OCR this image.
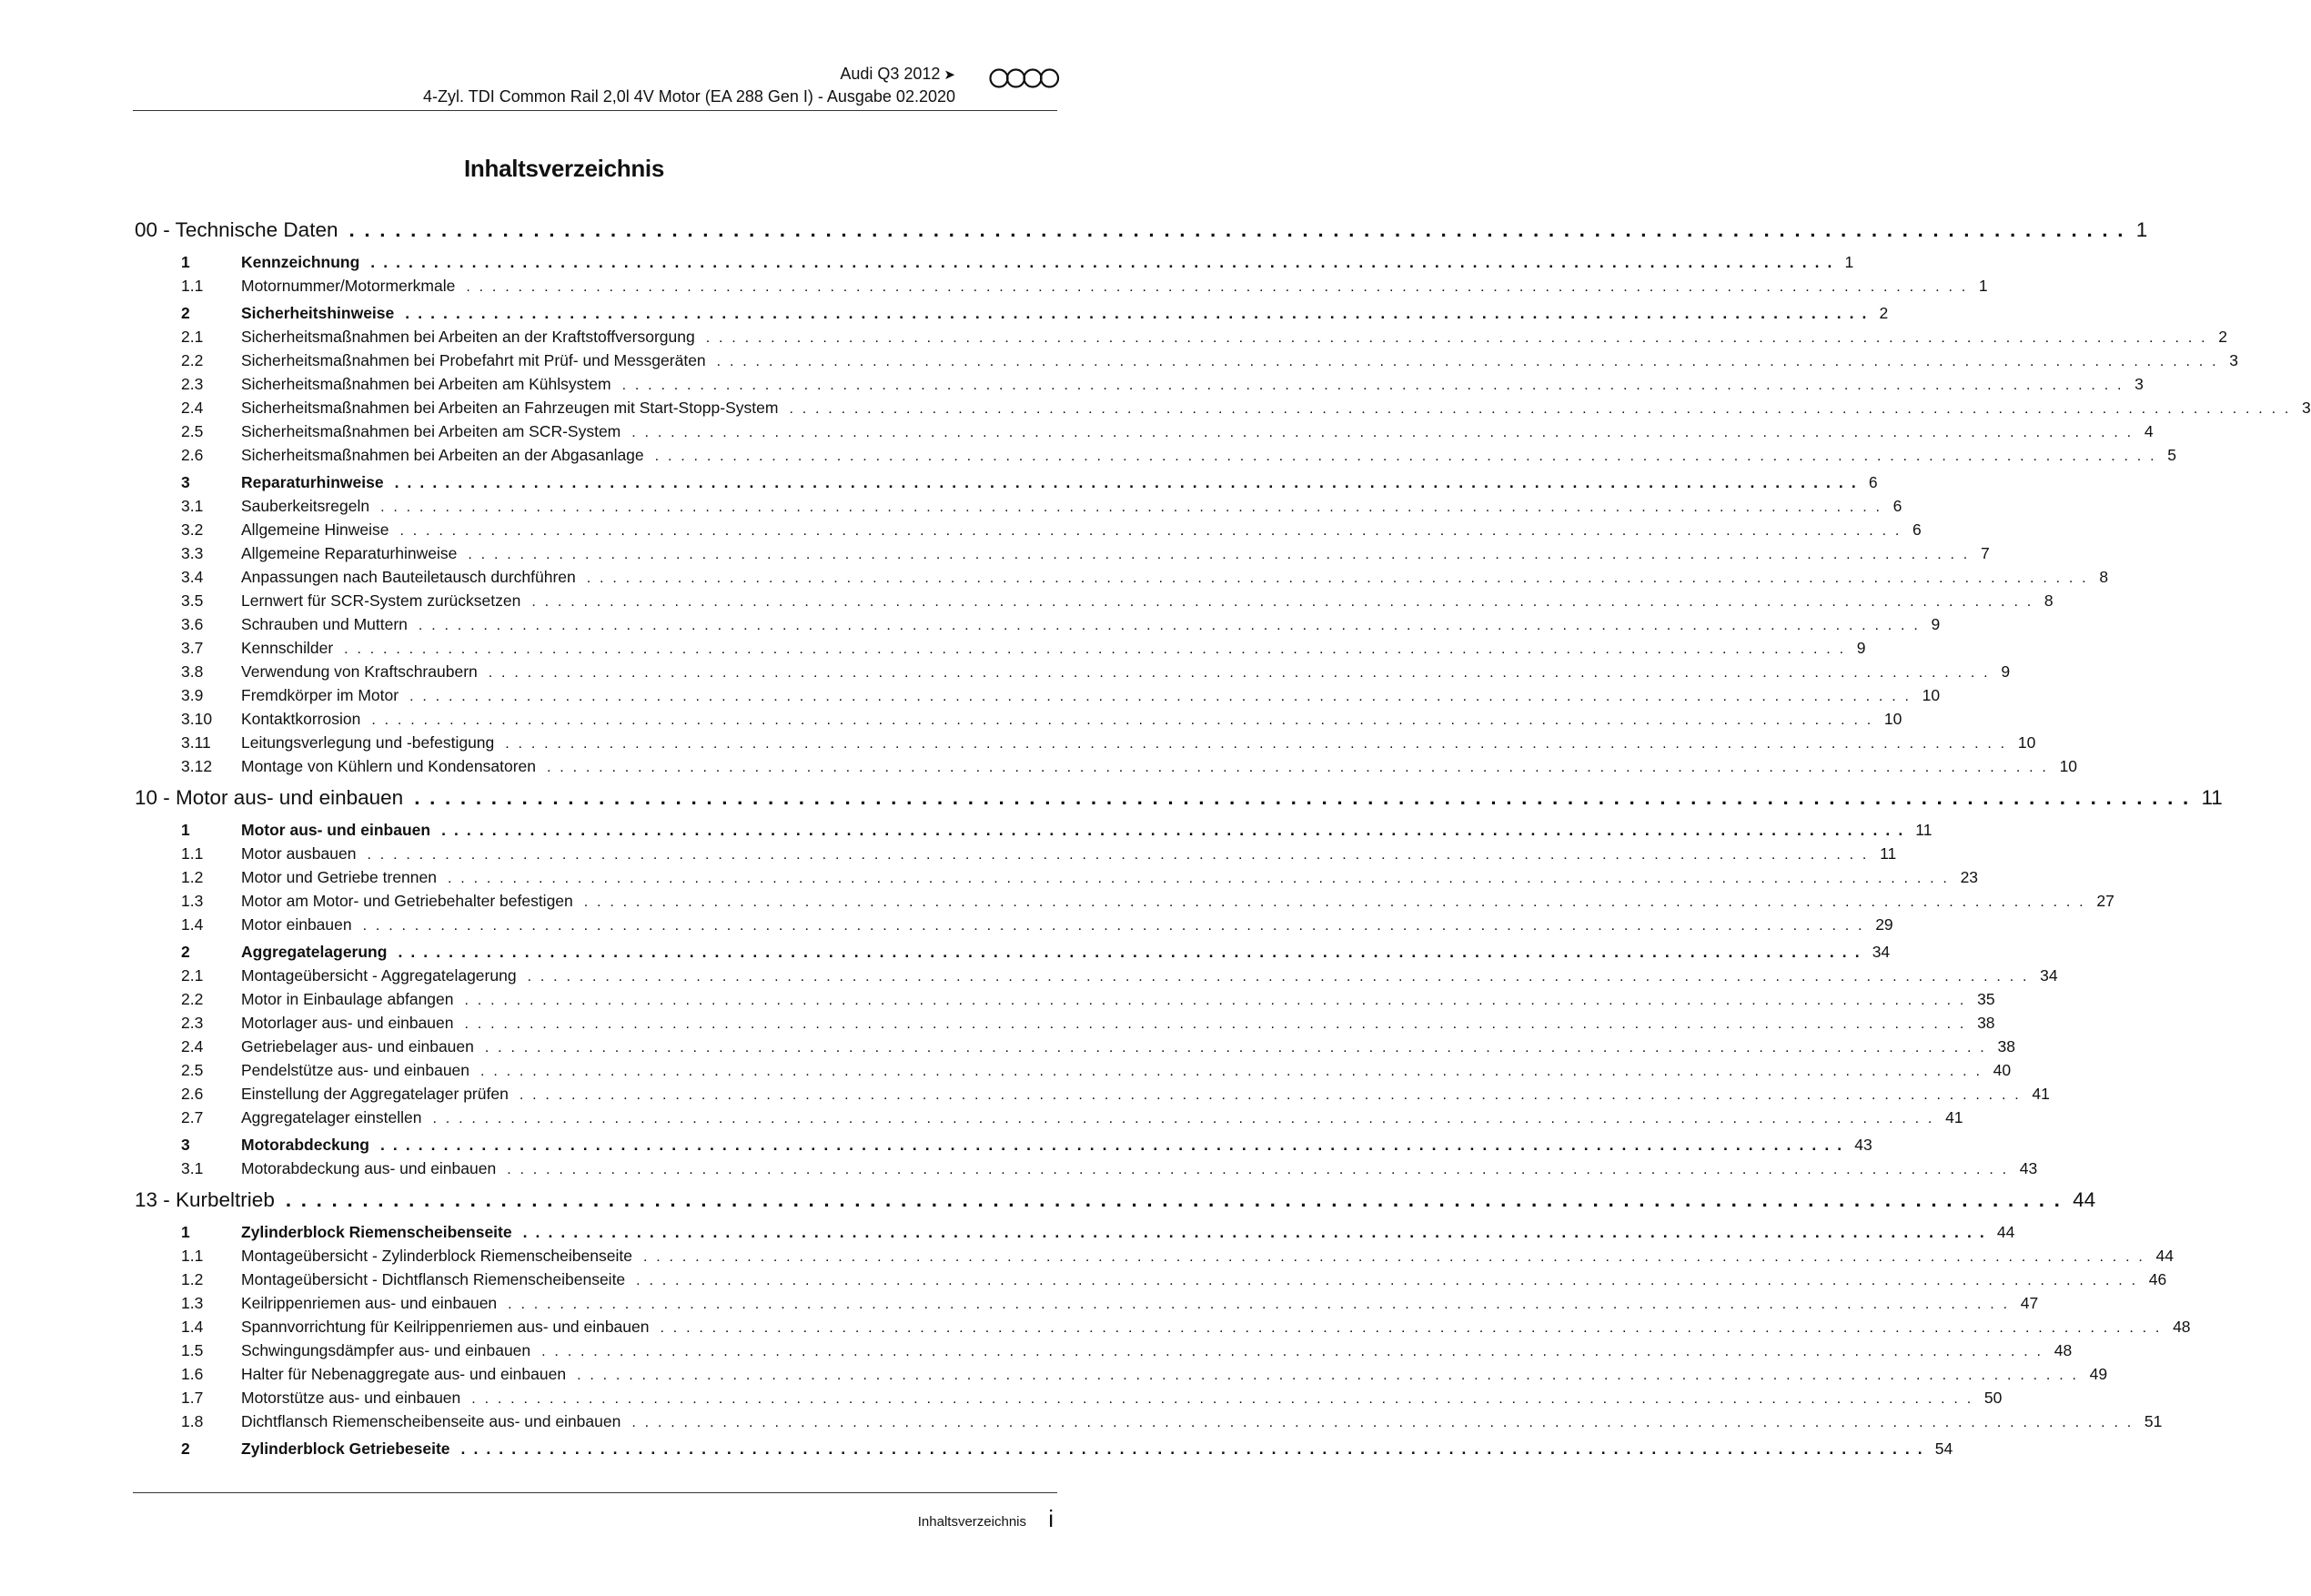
Audi Q3 2012 ➤
4-Zyl. TDI Common Rail 2,0l 4V Motor (EA 288 Gen I) - Ausgabe 02.2020
Inhaltsverzeichnis
00 - Technische Daten . . . . . . . . . . . . . . . . . . . . . . . . . . . . . . . . . . . . . . . . . . . . . . . . . . . . . . . . . . . . . . . . . . . . . . . . . . . . . . . . . . . . . . . . . . . . . . . . . . . . . . . . . . . . . . . . . . . . 1
1	Kennzeichnung . . . . . . . . . . . . . . . . . . . . . . . . . . . . . . . . . . . . . . . . . . . . . . . . . . . . . . . . . . . . . . . . . . . . . . . . . . . . . . . . . . . . . . . . . . . . . . . . . . . . . . . . . . . . . . . . . . . . 1
1.1	Motornummer/Motormerkmale . . . . . . . . . . . . . . . . . . . . . . . . . . . . . . . . . . . . . . . . . . . . . . . . . . . . . . . . . . . . . . . . . . . . . . . . . . . . . . . . . . . . . . . . . . . . . . . . . . . . . . . . . . . . . . . . . . . . 1
2	Sicherheitshinweise . . . . . . . . . . . . . . . . . . . . . . . . . . . . . . . . . . . . . . . . . . . . . . . . . . . . . . . . . . . . . . . . . . . . . . . . . . . . . . . . . . . . . . . . . . . . . . . . . . . . . . . . . . . . . . . . . . . . 2
2.1	Sicherheitsmaßnahmen bei Arbeiten an der Kraftstoffversorgung . . . . . . . . . . . . . . . . . . . . . . . . . . . . . . . . . . . . . . . . . . . . . . . . . . . . . . . . . . . . . . . . . . . . . . . . . . . . . . . . . . . . . . . . . . . . . . . . . . . . . . . . . . . . . . . . . . . . 2
2.2	Sicherheitsmaßnahmen bei Probefahrt mit Prüf- und Messgeräten . . . . . . . . . . . . . . . . . . . . . . . . . . . . . . . . . . . . . . . . . . . . . . . . . . . . . . . . . . . . . . . . . . . . . . . . . . . . . . . . . . . . . . . . . . . . . . . . . . . . . . . . . . . . . . . . . . . . 3
2.3	Sicherheitsmaßnahmen bei Arbeiten am Kühlsystem . . . . . . . . . . . . . . . . . . . . . . . . . . . . . . . . . . . . . . . . . . . . . . . . . . . . . . . . . . . . . . . . . . . . . . . . . . . . . . . . . . . . . . . . . . . . . . . . . . . . . . . . . . . . . . . . . . . . 3
2.4	Sicherheitsmaßnahmen bei Arbeiten an Fahrzeugen mit Start-Stopp-System . . . . . . . . . . . . . . . . . . . . . . . . . . . . . . . . . . . . . . . . . . . . . . . . . . . . . . . . . . . . . . . . . . . . . . . . . . . . . . . . . . . . . . . . . . . . . . . . . . . . . . . . . . . . . . . . . . . . 3
2.5	Sicherheitsmaßnahmen bei Arbeiten am SCR-System . . . . . . . . . . . . . . . . . . . . . . . . . . . . . . . . . . . . . . . . . . . . . . . . . . . . . . . . . . . . . . . . . . . . . . . . . . . . . . . . . . . . . . . . . . . . . . . . . . . . . . . . . . . . . . . . . . . . 4
2.6	Sicherheitsmaßnahmen bei Arbeiten an der Abgasanlage . . . . . . . . . . . . . . . . . . . . . . . . . . . . . . . . . . . . . . . . . . . . . . . . . . . . . . . . . . . . . . . . . . . . . . . . . . . . . . . . . . . . . . . . . . . . . . . . . . . . . . . . . . . . . . . . . . . . 5
3	Reparaturhinweise . . . . . . . . . . . . . . . . . . . . . . . . . . . . . . . . . . . . . . . . . . . . . . . . . . . . . . . . . . . . . . . . . . . . . . . . . . . . . . . . . . . . . . . . . . . . . . . . . . . . . . . . . . . . . . . . . . . . 6
3.1	Sauberkeitsregeln . . . . . . . . . . . . . . . . . . . . . . . . . . . . . . . . . . . . . . . . . . . . . . . . . . . . . . . . . . . . . . . . . . . . . . . . . . . . . . . . . . . . . . . . . . . . . . . . . . . . . . . . . . . . . . . . . . . . 6
3.2	Allgemeine Hinweise . . . . . . . . . . . . . . . . . . . . . . . . . . . . . . . . . . . . . . . . . . . . . . . . . . . . . . . . . . . . . . . . . . . . . . . . . . . . . . . . . . . . . . . . . . . . . . . . . . . . . . . . . . . . . . . . . . . . 6
3.3	Allgemeine Reparaturhinweise . . . . . . . . . . . . . . . . . . . . . . . . . . . . . . . . . . . . . . . . . . . . . . . . . . . . . . . . . . . . . . . . . . . . . . . . . . . . . . . . . . . . . . . . . . . . . . . . . . . . . . . . . . . . . . . . . . . . 7
3.4	Anpassungen nach Bauteiletausch durchführen . . . . . . . . . . . . . . . . . . . . . . . . . . . . . . . . . . . . . . . . . . . . . . . . . . . . . . . . . . . . . . . . . . . . . . . . . . . . . . . . . . . . . . . . . . . . . . . . . . . . . . . . . . . . . . . . . . . . 8
3.5	Lernwert für SCR-System zurücksetzen . . . . . . . . . . . . . . . . . . . . . . . . . . . . . . . . . . . . . . . . . . . . . . . . . . . . . . . . . . . . . . . . . . . . . . . . . . . . . . . . . . . . . . . . . . . . . . . . . . . . . . . . . . . . . . . . . . . . 8
3.6	Schrauben und Muttern . . . . . . . . . . . . . . . . . . . . . . . . . . . . . . . . . . . . . . . . . . . . . . . . . . . . . . . . . . . . . . . . . . . . . . . . . . . . . . . . . . . . . . . . . . . . . . . . . . . . . . . . . . . . . . . . . . . . 9
3.7	Kennschilder . . . . . . . . . . . . . . . . . . . . . . . . . . . . . . . . . . . . . . . . . . . . . . . . . . . . . . . . . . . . . . . . . . . . . . . . . . . . . . . . . . . . . . . . . . . . . . . . . . . . . . . . . . . . . . . . . . . . 9
3.8	Verwendung von Kraftschraubern . . . . . . . . . . . . . . . . . . . . . . . . . . . . . . . . . . . . . . . . . . . . . . . . . . . . . . . . . . . . . . . . . . . . . . . . . . . . . . . . . . . . . . . . . . . . . . . . . . . . . . . . . . . . . . . . . . . . 9
3.9	Fremdkörper im Motor . . . . . . . . . . . . . . . . . . . . . . . . . . . . . . . . . . . . . . . . . . . . . . . . . . . . . . . . . . . . . . . . . . . . . . . . . . . . . . . . . . . . . . . . . . . . . . . . . . . . . . . . . . . . . . . . . . . . 10
3.10	Kontaktkorrosion . . . . . . . . . . . . . . . . . . . . . . . . . . . . . . . . . . . . . . . . . . . . . . . . . . . . . . . . . . . . . . . . . . . . . . . . . . . . . . . . . . . . . . . . . . . . . . . . . . . . . . . . . . . . . . . . . . . . 10
3.11	Leitungsverlegung und -befestigung . . . . . . . . . . . . . . . . . . . . . . . . . . . . . . . . . . . . . . . . . . . . . . . . . . . . . . . . . . . . . . . . . . . . . . . . . . . . . . . . . . . . . . . . . . . . . . . . . . . . . . . . . . . . . . . . . . . . 10
3.12	Montage von Kühlern und Kondensatoren . . . . . . . . . . . . . . . . . . . . . . . . . . . . . . . . . . . . . . . . . . . . . . . . . . . . . . . . . . . . . . . . . . . . . . . . . . . . . . . . . . . . . . . . . . . . . . . . . . . . . . . . . . . . . . . . . . . . 10
10 - Motor aus- und einbauen . . . . . . . . . . . . . . . . . . . . . . . . . . . . . . . . . . . . . . . . . . . . . . . . . . . . . . . . . . . . . . . . . . . . . . . . . . . . . . . . . . . . . . . . . . . . . . . . . . . . . . . . . . . . . . . . . . . . 11
1	Motor aus- und einbauen . . . . . . . . . . . . . . . . . . . . . . . . . . . . . . . . . . . . . . . . . . . . . . . . . . . . . . . . . . . . . . . . . . . . . . . . . . . . . . . . . . . . . . . . . . . . . . . . . . . . . . . . . . . . . . . . . . . . 11
1.1	Motor ausbauen . . . . . . . . . . . . . . . . . . . . . . . . . . . . . . . . . . . . . . . . . . . . . . . . . . . . . . . . . . . . . . . . . . . . . . . . . . . . . . . . . . . . . . . . . . . . . . . . . . . . . . . . . . . . . . . . . . . . 11
1.2	Motor und Getriebe trennen . . . . . . . . . . . . . . . . . . . . . . . . . . . . . . . . . . . . . . . . . . . . . . . . . . . . . . . . . . . . . . . . . . . . . . . . . . . . . . . . . . . . . . . . . . . . . . . . . . . . . . . . . . . . . . . . . . . . 23
1.3	Motor am Motor- und Getriebehalter befestigen . . . . . . . . . . . . . . . . . . . . . . . . . . . . . . . . . . . . . . . . . . . . . . . . . . . . . . . . . . . . . . . . . . . . . . . . . . . . . . . . . . . . . . . . . . . . . . . . . . . . . . . . . . . . . . . . . . . . 27
1.4	Motor einbauen . . . . . . . . . . . . . . . . . . . . . . . . . . . . . . . . . . . . . . . . . . . . . . . . . . . . . . . . . . . . . . . . . . . . . . . . . . . . . . . . . . . . . . . . . . . . . . . . . . . . . . . . . . . . . . . . . . . . 29
2	Aggregatelagerung . . . . . . . . . . . . . . . . . . . . . . . . . . . . . . . . . . . . . . . . . . . . . . . . . . . . . . . . . . . . . . . . . . . . . . . . . . . . . . . . . . . . . . . . . . . . . . . . . . . . . . . . . . . . . . . . . . . . 34
2.1	Montageübersicht - Aggregatelagerung . . . . . . . . . . . . . . . . . . . . . . . . . . . . . . . . . . . . . . . . . . . . . . . . . . . . . . . . . . . . . . . . . . . . . . . . . . . . . . . . . . . . . . . . . . . . . . . . . . . . . . . . . . . . . . . . . . . . 34
2.2	Motor in Einbaulage abfangen . . . . . . . . . . . . . . . . . . . . . . . . . . . . . . . . . . . . . . . . . . . . . . . . . . . . . . . . . . . . . . . . . . . . . . . . . . . . . . . . . . . . . . . . . . . . . . . . . . . . . . . . . . . . . . . . . . . . 35
2.3	Motorlager aus- und einbauen . . . . . . . . . . . . . . . . . . . . . . . . . . . . . . . . . . . . . . . . . . . . . . . . . . . . . . . . . . . . . . . . . . . . . . . . . . . . . . . . . . . . . . . . . . . . . . . . . . . . . . . . . . . . . . . . . . . . 38
2.4	Getriebelager aus- und einbauen . . . . . . . . . . . . . . . . . . . . . . . . . . . . . . . . . . . . . . . . . . . . . . . . . . . . . . . . . . . . . . . . . . . . . . . . . . . . . . . . . . . . . . . . . . . . . . . . . . . . . . . . . . . . . . . . . . . . 38
2.5	Pendelstütze aus- und einbauen . . . . . . . . . . . . . . . . . . . . . . . . . . . . . . . . . . . . . . . . . . . . . . . . . . . . . . . . . . . . . . . . . . . . . . . . . . . . . . . . . . . . . . . . . . . . . . . . . . . . . . . . . . . . . . . . . . . . 40
2.6	Einstellung der Aggregatelager prüfen . . . . . . . . . . . . . . . . . . . . . . . . . . . . . . . . . . . . . . . . . . . . . . . . . . . . . . . . . . . . . . . . . . . . . . . . . . . . . . . . . . . . . . . . . . . . . . . . . . . . . . . . . . . . . . . . . . . . 41
2.7	Aggregatelager einstellen . . . . . . . . . . . . . . . . . . . . . . . . . . . . . . . . . . . . . . . . . . . . . . . . . . . . . . . . . . . . . . . . . . . . . . . . . . . . . . . . . . . . . . . . . . . . . . . . . . . . . . . . . . . . . . . . . . . . 41
3	Motorabdeckung . . . . . . . . . . . . . . . . . . . . . . . . . . . . . . . . . . . . . . . . . . . . . . . . . . . . . . . . . . . . . . . . . . . . . . . . . . . . . . . . . . . . . . . . . . . . . . . . . . . . . . . . . . . . . . . . . . . . 43
3.1	Motorabdeckung aus- und einbauen . . . . . . . . . . . . . . . . . . . . . . . . . . . . . . . . . . . . . . . . . . . . . . . . . . . . . . . . . . . . . . . . . . . . . . . . . . . . . . . . . . . . . . . . . . . . . . . . . . . . . . . . . . . . . . . . . . . . 43
13 - Kurbeltrieb . . . . . . . . . . . . . . . . . . . . . . . . . . . . . . . . . . . . . . . . . . . . . . . . . . . . . . . . . . . . . . . . . . . . . . . . . . . . . . . . . . . . . . . . . . . . . . . . . . . . . . . . . . . . . . . . . . . . 44
1	Zylinderblock Riemenscheibenseite . . . . . . . . . . . . . . . . . . . . . . . . . . . . . . . . . . . . . . . . . . . . . . . . . . . . . . . . . . . . . . . . . . . . . . . . . . . . . . . . . . . . . . . . . . . . . . . . . . . . . . . . . . . . . . . . . . . . 44
1.1	Montageübersicht - Zylinderblock Riemenscheibenseite . . . . . . . . . . . . . . . . . . . . . . . . . . . . . . . . . . . . . . . . . . . . . . . . . . . . . . . . . . . . . . . . . . . . . . . . . . . . . . . . . . . . . . . . . . . . . . . . . . . . . . . . . . . . . . . . . . . . 44
1.2	Montageübersicht - Dichtflansch Riemenscheibenseite . . . . . . . . . . . . . . . . . . . . . . . . . . . . . . . . . . . . . . . . . . . . . . . . . . . . . . . . . . . . . . . . . . . . . . . . . . . . . . . . . . . . . . . . . . . . . . . . . . . . . . . . . . . . . . . . . . . . 46
1.3	Keilrippenriemen aus- und einbauen . . . . . . . . . . . . . . . . . . . . . . . . . . . . . . . . . . . . . . . . . . . . . . . . . . . . . . . . . . . . . . . . . . . . . . . . . . . . . . . . . . . . . . . . . . . . . . . . . . . . . . . . . . . . . . . . . . . . 47
1.4	Spannvorrichtung für Keilrippenriemen aus- und einbauen . . . . . . . . . . . . . . . . . . . . . . . . . . . . . . . . . . . . . . . . . . . . . . . . . . . . . . . . . . . . . . . . . . . . . . . . . . . . . . . . . . . . . . . . . . . . . . . . . . . . . . . . . . . . . . . . . . . . 48
1.5	Schwingungsdämpfer aus- und einbauen . . . . . . . . . . . . . . . . . . . . . . . . . . . . . . . . . . . . . . . . . . . . . . . . . . . . . . . . . . . . . . . . . . . . . . . . . . . . . . . . . . . . . . . . . . . . . . . . . . . . . . . . . . . . . . . . . . . . 48
1.6	Halter für Nebenaggregate aus- und einbauen . . . . . . . . . . . . . . . . . . . . . . . . . . . . . . . . . . . . . . . . . . . . . . . . . . . . . . . . . . . . . . . . . . . . . . . . . . . . . . . . . . . . . . . . . . . . . . . . . . . . . . . . . . . . . . . . . . . . 49
1.7	Motorstütze aus- und einbauen . . . . . . . . . . . . . . . . . . . . . . . . . . . . . . . . . . . . . . . . . . . . . . . . . . . . . . . . . . . . . . . . . . . . . . . . . . . . . . . . . . . . . . . . . . . . . . . . . . . . . . . . . . . . . . . . . . . . 50
1.8	Dichtflansch Riemenscheibenseite aus- und einbauen . . . . . . . . . . . . . . . . . . . . . . . . . . . . . . . . . . . . . . . . . . . . . . . . . . . . . . . . . . . . . . . . . . . . . . . . . . . . . . . . . . . . . . . . . . . . . . . . . . . . . . . . . . . . . . . . . . . . 51
2	Zylinderblock Getriebeseite . . . . . . . . . . . . . . . . . . . . . . . . . . . . . . . . . . . . . . . . . . . . . . . . . . . . . . . . . . . . . . . . . . . . . . . . . . . . . . . . . . . . . . . . . . . . . . . . . . . . . . . . . . . . . . . . . . . . 54
Inhaltsverzeichnis i
